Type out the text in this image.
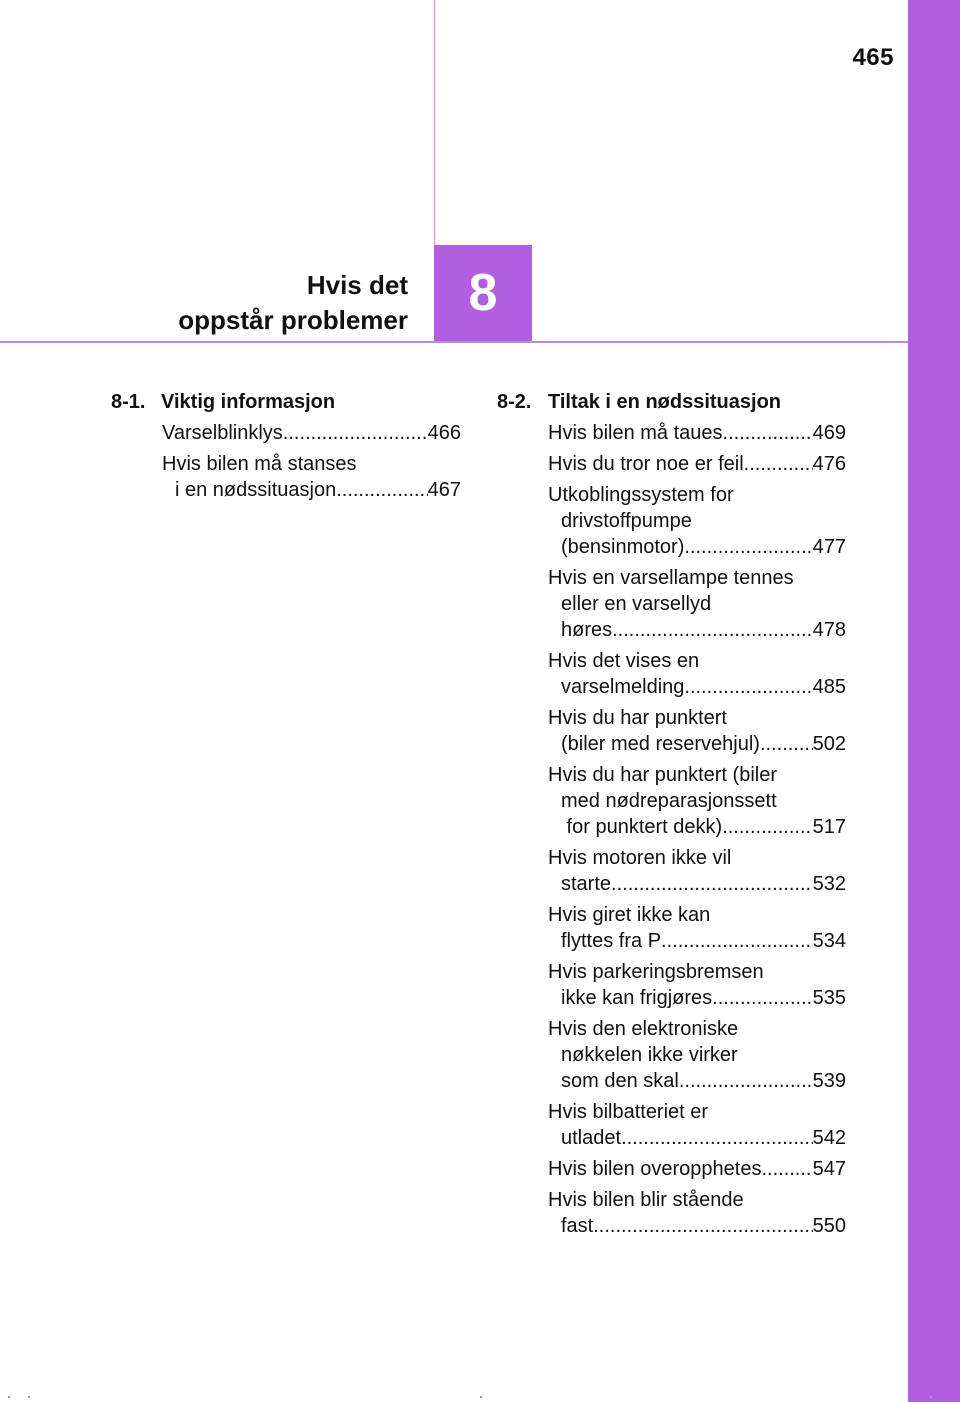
465
Hvis det
oppstår problemer	8
8-1. Viktig informasjon
Varselblinklys .....	466
Hvis bilen må stanses
i en nødssituasjon .....	467
8-2. Tiltak i en nødssituasjon
Hvis bilen må taues .....	469
Hvis du tror noe er feil .....	476
Utkoblingssystem for
drivstoffpumpe
(bensinmotor) .....	477
Hvis en varsellampe tennes
eller en varsellyd
høres .....	478
Hvis det vises en
varselmelding .....	485
Hvis du har punktert
(biler med reservehjul) .....	502
Hvis du har punktert (biler
med nødreparasjonssett
for punktert dekk) .....	517
Hvis motoren ikke vil
starte .....	532
Hvis giret ikke kan
flyttes fra P .....	534
Hvis parkeringsbremsen
ikke kan frigjøres .....	535
Hvis den elektroniske
nøkkelen ikke virker
som den skal .....	539
Hvis bilbatteriet er
utladet .....	542
Hvis bilen overopphetes .....	547
Hvis bilen blir stående
fast .....	550
